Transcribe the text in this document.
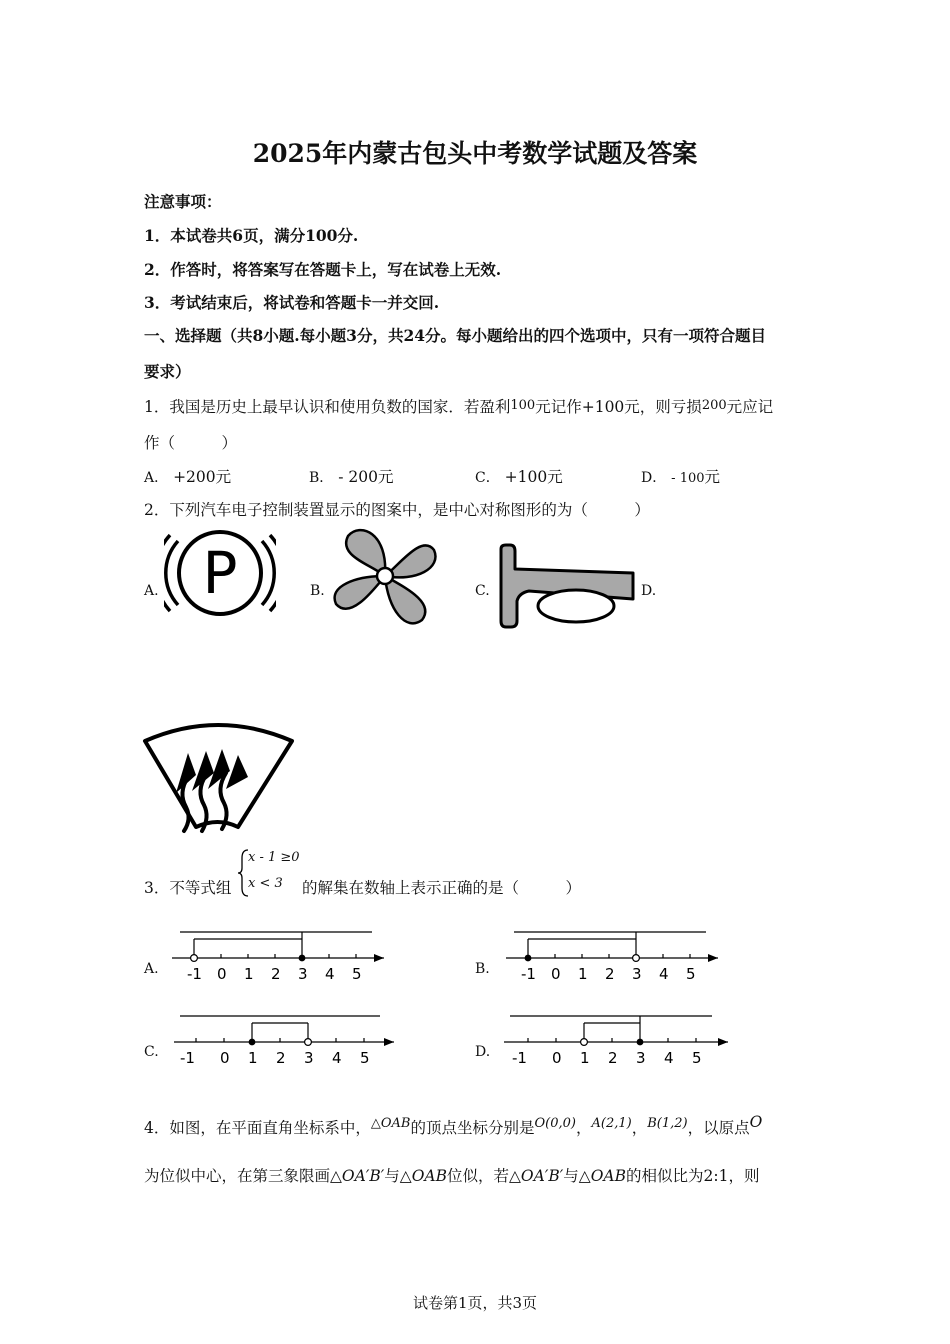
2025年内蒙古包头中考数学试题及答案
注意事项：
1．本试卷共6页，满分100分.
2．作答时，将答案写在答题卡上，写在试卷上无效.
3．考试结束后，将试卷和答题卡一并交回.
一、选择题（共8小题.每小题3分，共24分。每小题给出的四个选项中，只有一项符合题目
要求）
1．我国是历史上最早认识和使用负数的国家．若盈利100元记作+100元，则亏损200元应记
作（　　　）
A． +200元	B． - 200元	C． +100元	D． - 100元
2．下列汽车电子控制装置显示的图案中，是中心对称图形的为（　　　）
A.	B.	C.	D.
P
3．不等式组
x - 1 ≥0
x < 3 的解集在数轴上表示正确的是（　　　）
A.	B.
C.	D.
-1 0 1 2 3 4 5	-1 0 1 2 3 4 5
-1 0 1 2 3 4 5	-1 0 1 2 3 4 5
4．如图，在平面直角坐标系中，$^{\triangle OAB}$的顶点坐标分别是$^{O(0,0)}$，$^{A(2,1)}$，$^{B(1,2)}$，以原点O
为位似中心，在第三象限画△OA′B′与△OAB位似，若△OA′B′与△OAB的相似比为2:1，则
试卷第1页，共3页
